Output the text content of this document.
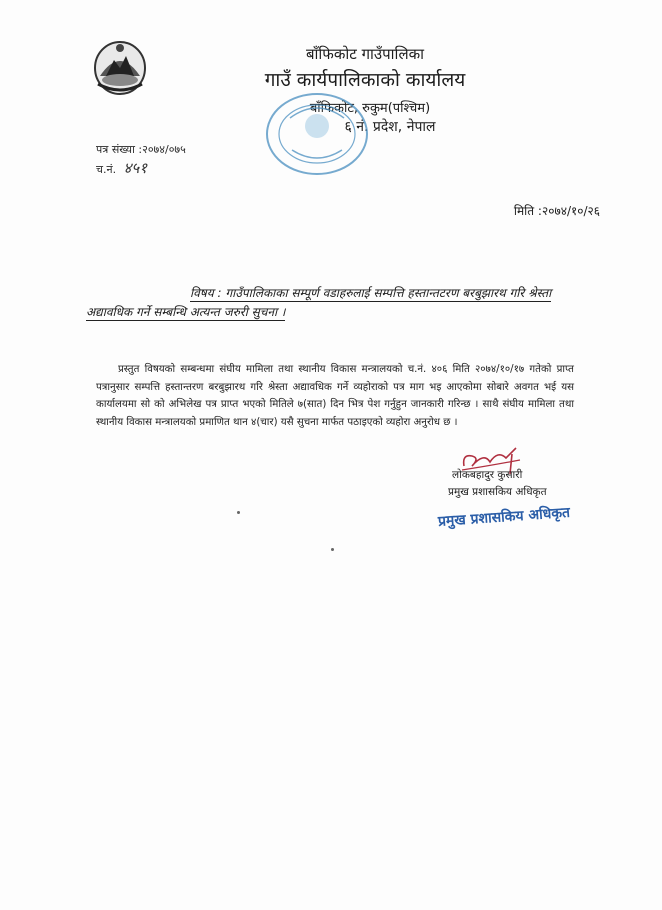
बाँफिकोट गाउँपालिका
गाउँ कार्यपालिकाको कार्यालय
बाँफिकोट, रुकुम(पश्चिम)
६ नं. प्रदेश, नेपाल
पत्र संख्या :२०७४/०७५
च.नं. ४५१
मिति :२०७४/१०/२६
विषय : गाउँपालिकाका सम्पूर्ण वडाहरुलाई सम्पत्ति हस्तान्तटरण बरबुझारथ गरि श्रेस्ता
अद्यावधिक गर्ने सम्बन्धि अत्यन्त जरुरी सुचना ।
प्रस्तुत विषयको सम्बन्धमा संघीय मामिला तथा स्थानीय विकास मन्त्रालयको च.नं. ४०६ मिति २०७४/१०/१७ गतेको प्राप्त पत्रानुसार सम्पत्ति हस्तान्तरण बरबुझारथ गरि श्रेस्ता अद्यावधिक गर्ने व्यहोराको पत्र माग भइ आएकोमा सोबारे अवगत भई यस कार्यालयमा सो को अभिलेख पत्र प्राप्त भएको मितिले ७(सात) दिन भित्र पेश गर्नुहुन जानकारी गरिन्छ । साथै संघीय मामिला तथा स्थानीय विकास मन्त्रालयको प्रमाणित थान ४(चार) यसै सुचना मार्फत पठाइएको व्यहोरा अनुरोध छ ।
लोकबहादुर कुसारी
प्रमुख प्रशासकिय अधिकृत
प्रमुख प्रशासकिय अधिकृत
